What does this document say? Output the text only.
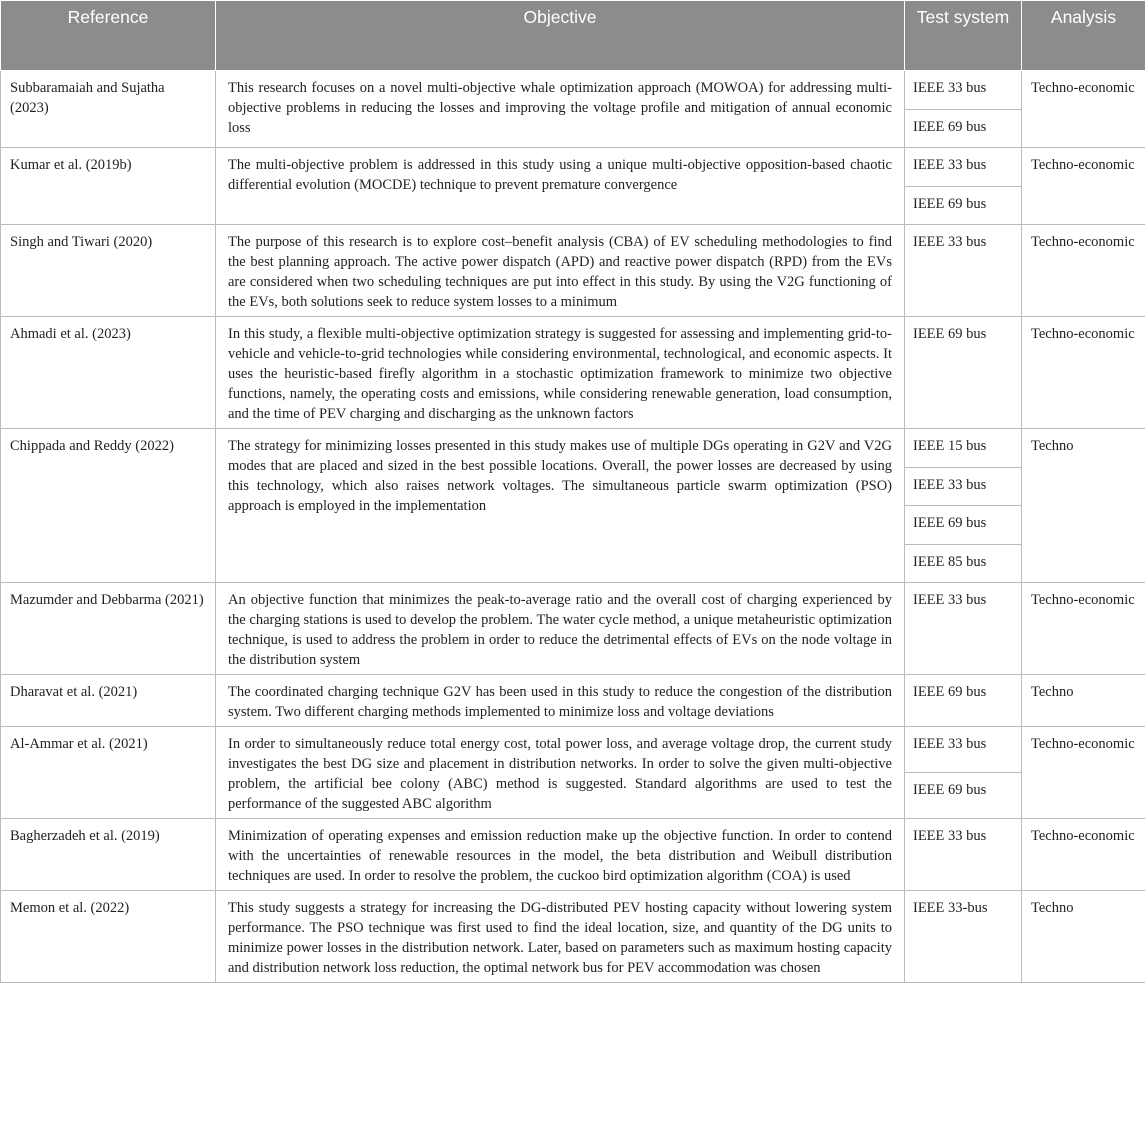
Reference	Objective	Test system	Analysis
Subbaramaiah and Sujatha (2023)	This research focuses on a novel multi-objective whale optimization approach (MOWOA) for addressing multi-objective problems in reducing the losses and improving the voltage profile and mitigation of annual economic loss	IEEE 33 bus	Techno-economic
		IEEE 69 bus	
Kumar et al. (2019b)	The multi-objective problem is addressed in this study using a unique multi-objective opposition-based chaotic differential evolution (MOCDE) technique to prevent premature convergence	IEEE 33 bus	Techno-economic
		IEEE 69 bus	
Singh and Tiwari (2020)	The purpose of this research is to explore cost–benefit analysis (CBA) of EV scheduling methodologies to find the best planning approach. The active power dispatch (APD) and reactive power dispatch (RPD) from the EVs are considered when two scheduling techniques are put into effect in this study. By using the V2G functioning of the EVs, both solutions seek to reduce system losses to a minimum	IEEE 33 bus	Techno-economic
Ahmadi et al. (2023)	In this study, a flexible multi-objective optimization strategy is suggested for assessing and implementing grid-to-vehicle and vehicle-to-grid technologies while considering environmental, technological, and economic aspects. It uses the heuristic-based firefly algorithm in a stochastic optimization framework to minimize two objective functions, namely, the operating costs and emissions, while considering renewable generation, load consumption, and the time of PEV charging and discharging as the unknown factors	IEEE 69 bus	Techno-economic
Chippada and Reddy (2022)	The strategy for minimizing losses presented in this study makes use of multiple DGs operating in G2V and V2G modes that are placed and sized in the best possible locations. Overall, the power losses are decreased by using this technology, which also raises network voltages. The simultaneous particle swarm optimization (PSO) approach is employed in the implementation	IEEE 15 bus	Techno
		IEEE 33 bus	
		IEEE 69 bus	
		IEEE 85 bus	
Mazumder and Debbarma (2021)	An objective function that minimizes the peak-to-average ratio and the overall cost of charging experienced by the charging stations is used to develop the problem. The water cycle method, a unique metaheuristic optimization technique, is used to address the problem in order to reduce the detrimental effects of EVs on the node voltage in the distribution system	IEEE 33 bus	Techno-economic
Dharavat et al. (2021)	The coordinated charging technique G2V has been used in this study to reduce the congestion of the distribution system. Two different charging methods implemented to minimize loss and voltage deviations	IEEE 69 bus	Techno
Al-Ammar et al. (2021)	In order to simultaneously reduce total energy cost, total power loss, and average voltage drop, the current study investigates the best DG size and placement in distribution networks. In order to solve the given multi-objective problem, the artificial bee colony (ABC) method is suggested. Standard algorithms are used to test the performance of the suggested ABC algorithm	IEEE 33 bus	Techno-economic
		IEEE 69 bus	
Bagherzadeh et al. (2019)	Minimization of operating expenses and emission reduction make up the objective function. In order to contend with the uncertainties of renewable resources in the model, the beta distribution and Weibull distribution techniques are used. In order to resolve the problem, the cuckoo bird optimization algorithm (COA) is used	IEEE 33 bus	Techno-economic
Memon et al. (2022)	This study suggests a strategy for increasing the DG-distributed PEV hosting capacity without lowering system performance. The PSO technique was first used to find the ideal location, size, and quantity of the DG units to minimize power losses in the distribution network. Later, based on parameters such as maximum hosting capacity and distribution network loss reduction, the optimal network bus for PEV accommodation was chosen	IEEE 33-bus	Techno
